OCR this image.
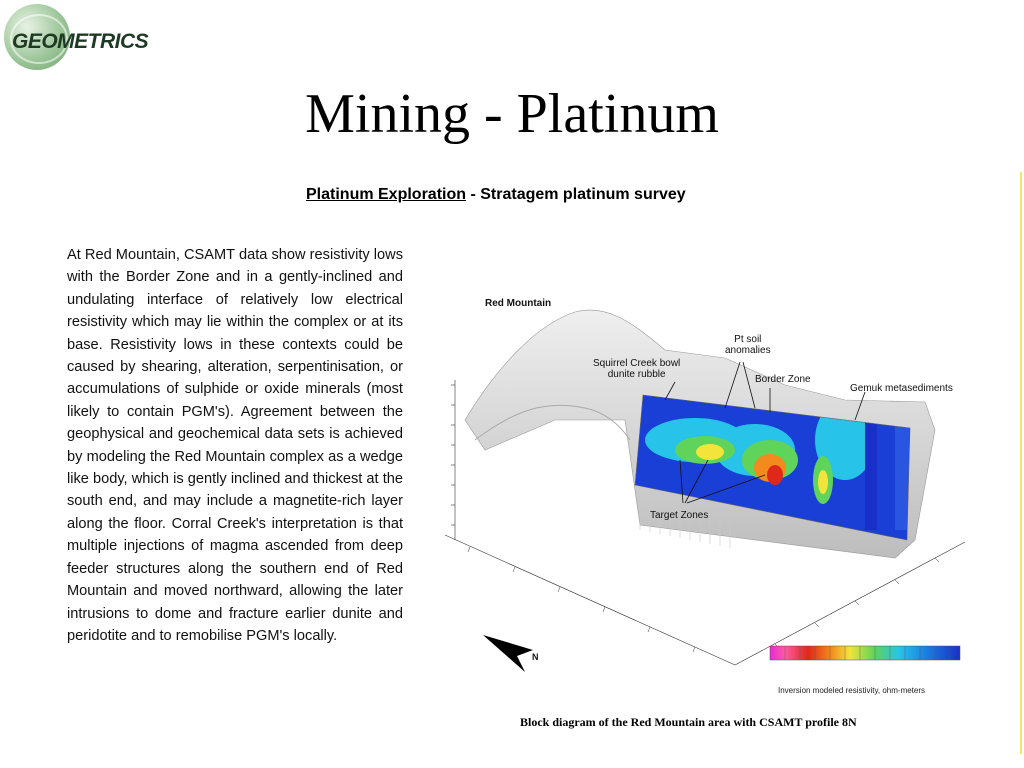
GEOMETRICS
Mining - Platinum
Platinum Exploration - Stratagem platinum survey
At Red Mountain, CSAMT data show resistivity lows with the Border Zone and in a gently-inclined and undulating interface of relatively low electrical resistivity which may lie within the complex or at its base. Resistivity lows in these contexts could be caused by shearing, alteration, serpentinisation, or accumulations of sulphide or oxide minerals (most likely to contain PGM's). Agreement between the geophysical and geochemical data sets is achieved by modeling the Red Mountain complex as a wedge like body, which is gently inclined and thickest at the south end, and may include a magnetite-rich layer along the floor. Corral Creek's interpretation is that multiple injections of magma ascended from deep feeder structures along the southern end of Red Mountain and moved northward, allowing the later intrusions to dome and fracture earlier dunite and peridotite and to remobilise PGM's locally.
Red Mountain
Squirrel Creek bowl
dunite rubble
Pt soil
anomalies
Border Zone
Gemuk metasediments
Target Zones
N
Inversion modeled resistivity, ohm-meters
Block diagram of the Red Mountain area with CSAMT profile 8N
